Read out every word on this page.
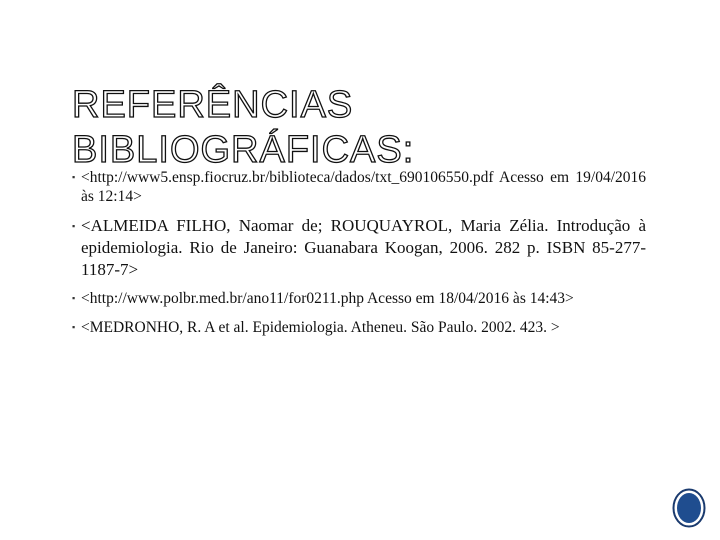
REFERÊNCIAS
BIBLIOGRÁFICAS:
▪ <http://www5.ensp.fiocruz.br/biblioteca/dados/txt_690106550.pdf Acesso em 19/04/2016 às 12:14>
▪ <ALMEIDA FILHO, Naomar de; ROUQUAYROL, Maria Zélia. Introdução à epidemiologia. Rio de Janeiro: Guanabara Koogan, 2006. 282 p. ISBN 85-277-1187-7>
▪ <http://www.polbr.med.br/ano11/for0211.php Acesso em 18/04/2016 às 14:43>
▪ <MEDRONHO, R. A et al. Epidemiologia. Atheneu. São Paulo. 2002. 423. >
